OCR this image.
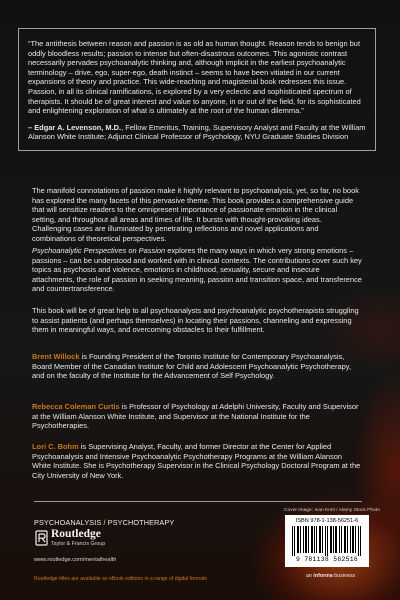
“The antithesis between reason and passion is as old as human thought. Reason tends to benign but oddly bloodless results; passion to intense but often-disastrous outcomes. This agonistic contrast necessarily pervades psychoanalytic thinking and, although implicit in the earliest psychoanalytic terminology – drive, ego, super-ego, death instinct – seems to have been vitiated in our current expansions of theory and practice. This wide-reaching and magisterial book redresses this issue. Passion, in all its clinical ramifications, is explored by a very eclectic and sophisticated spectrum of therapists. It should be of great interest and value to anyone, in or out of the field, for its sophisticated and enlightening exploration of what is ultimately at the root of the human dilemma.”

– Edgar A. Levenson, M.D., Fellow Emeritus, Training, Supervisory Analyst and Faculty at the William Alanson White Institute; Adjunct Clinical Professor of Psychology, NYU Graduate Studies Division

The manifold connotations of passion make it highly relevant to psychoanalysis, yet, so far, no book has explored the many facets of this pervasive theme. This book provides a comprehensive guide that will sensitize readers to the omnipresent importance of passionate emotion in the clinical setting, and throughout all areas and times of life. It bursts with thought-provoking ideas. Challenging cases are illuminated by penetrating reflections and novel applications and combinations of theoretical perspectives.

Psychoanalytic Perspectives on Passion explores the many ways in which very strong emotions – passions – can be understood and worked with in clinical contexts. The contributions cover such key topics as psychosis and violence, emotions in childhood, sexuality, secure and insecure attachments, the role of passion in seeking meaning, passion and transition space, and transference and countertransference.

This book will be of great help to all psychoanalysts and psychoanalytic psychotherapists struggling to assist patients (and perhaps themselves) in locating their passions, channeling and expressing them in meaningful ways, and overcoming obstacles to their fulfillment.

Brent Willock is Founding President of the Toronto Institute for Contemporary Psychoanalysis, Board Member of the Canadian Institute for Child and Adolescent Psychoanalytic Psychotherapy, and on the faculty of the Institute for the Advancement of Self Psychology.

Rebecca Coleman Curtis is Professor of Psychology at Adelphi University, Faculty and Supervisor at the William Alanson White Institute, and Supervisor at the National Institute for the Psychotherapies.

Lori C. Bohm is Supervising Analyst, Faculty, and former Director at the Center for Applied Psychoanalysis and Intensive Psychoanalytic Psychotherapy Programs at the William Alanson White Institute. She is Psychotherapy Supervisor in the Clinical Psychology Doctoral Program at the City University of New York.

PSYCHOANALYSIS / PSYCHOTHERAPY
Routledge
Taylor & Francis Group
www.routledge.com/mentalhealth
Routledge titles are available as eBook editions in a range of digital formats
Cover image: Ivan Kmit / Alamy Stock Photo
ISBN 978-1-138-56251-6
9 781138 562516
an informa business
